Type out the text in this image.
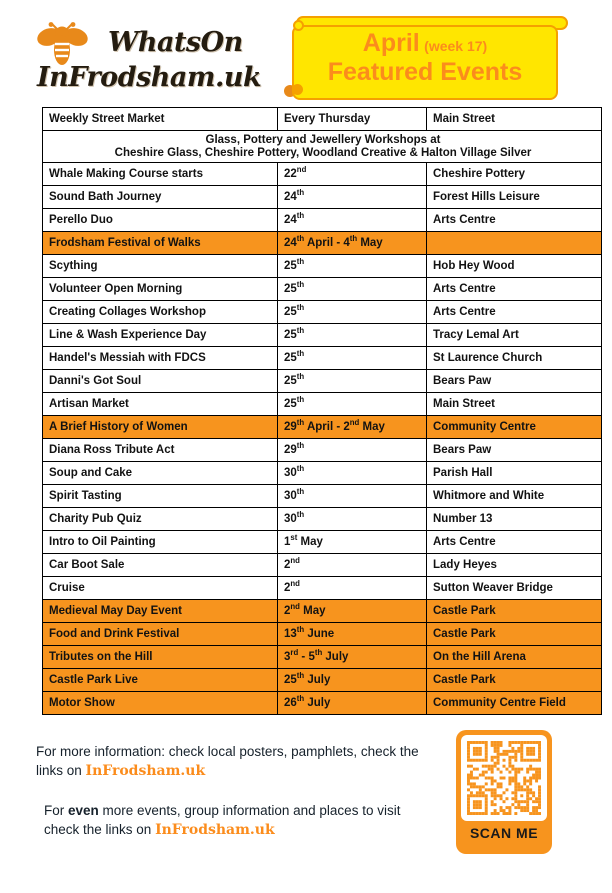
WhatsOn
InFrodsham.uk
April (week 17)
Featured Events
Weekly Street Market	Every Thursday	Main Street

Glass, Pottery and Jewellery Workshops at
Cheshire Glass, Cheshire Pottery, Woodland Creative & Halton Village Silver		

Whale Making Course starts	22nd	Cheshire Pottery
Sound Bath Journey	24th	Forest Hills Leisure
Perello Duo	24th	Arts Centre
Frodsham Festival of Walks	24th April - 4th May	
Scything	25th	Hob Hey Wood
Volunteer Open Morning	25th	Arts Centre
Creating Collages Workshop	25th	Arts Centre
Line & Wash Experience Day	25th	Tracy Lemal Art
Handel's Messiah with FDCS	25th	St Laurence Church
Danni's Got Soul	25th	Bears Paw
Artisan Market	25th	Main Street
A Brief History of Women	29th April - 2nd May	Community Centre
Diana Ross Tribute Act	29th	Bears Paw
Soup and Cake	30th	Parish Hall
Spirit Tasting	30th	Whitmore and White
Charity Pub Quiz	30th	Number 13
Intro to Oil Painting	1st May	Arts Centre
Car Boot Sale	2nd	Lady Heyes
Cruise	2nd	Sutton Weaver Bridge
Medieval May Day Event	2nd May	Castle Park
Food and Drink Festival	13th June	Castle Park
Tributes on the Hill	3rd - 5th July	On the Hill Arena
Castle Park Live	25th July	Castle Park
Motor Show	26th July	Community Centre Field
For more information: check local posters, pamphlets, check the links on InFrodsham.uk
For even more events, group information and places to visit check the links on InFrodsham.uk	SCAN ME
